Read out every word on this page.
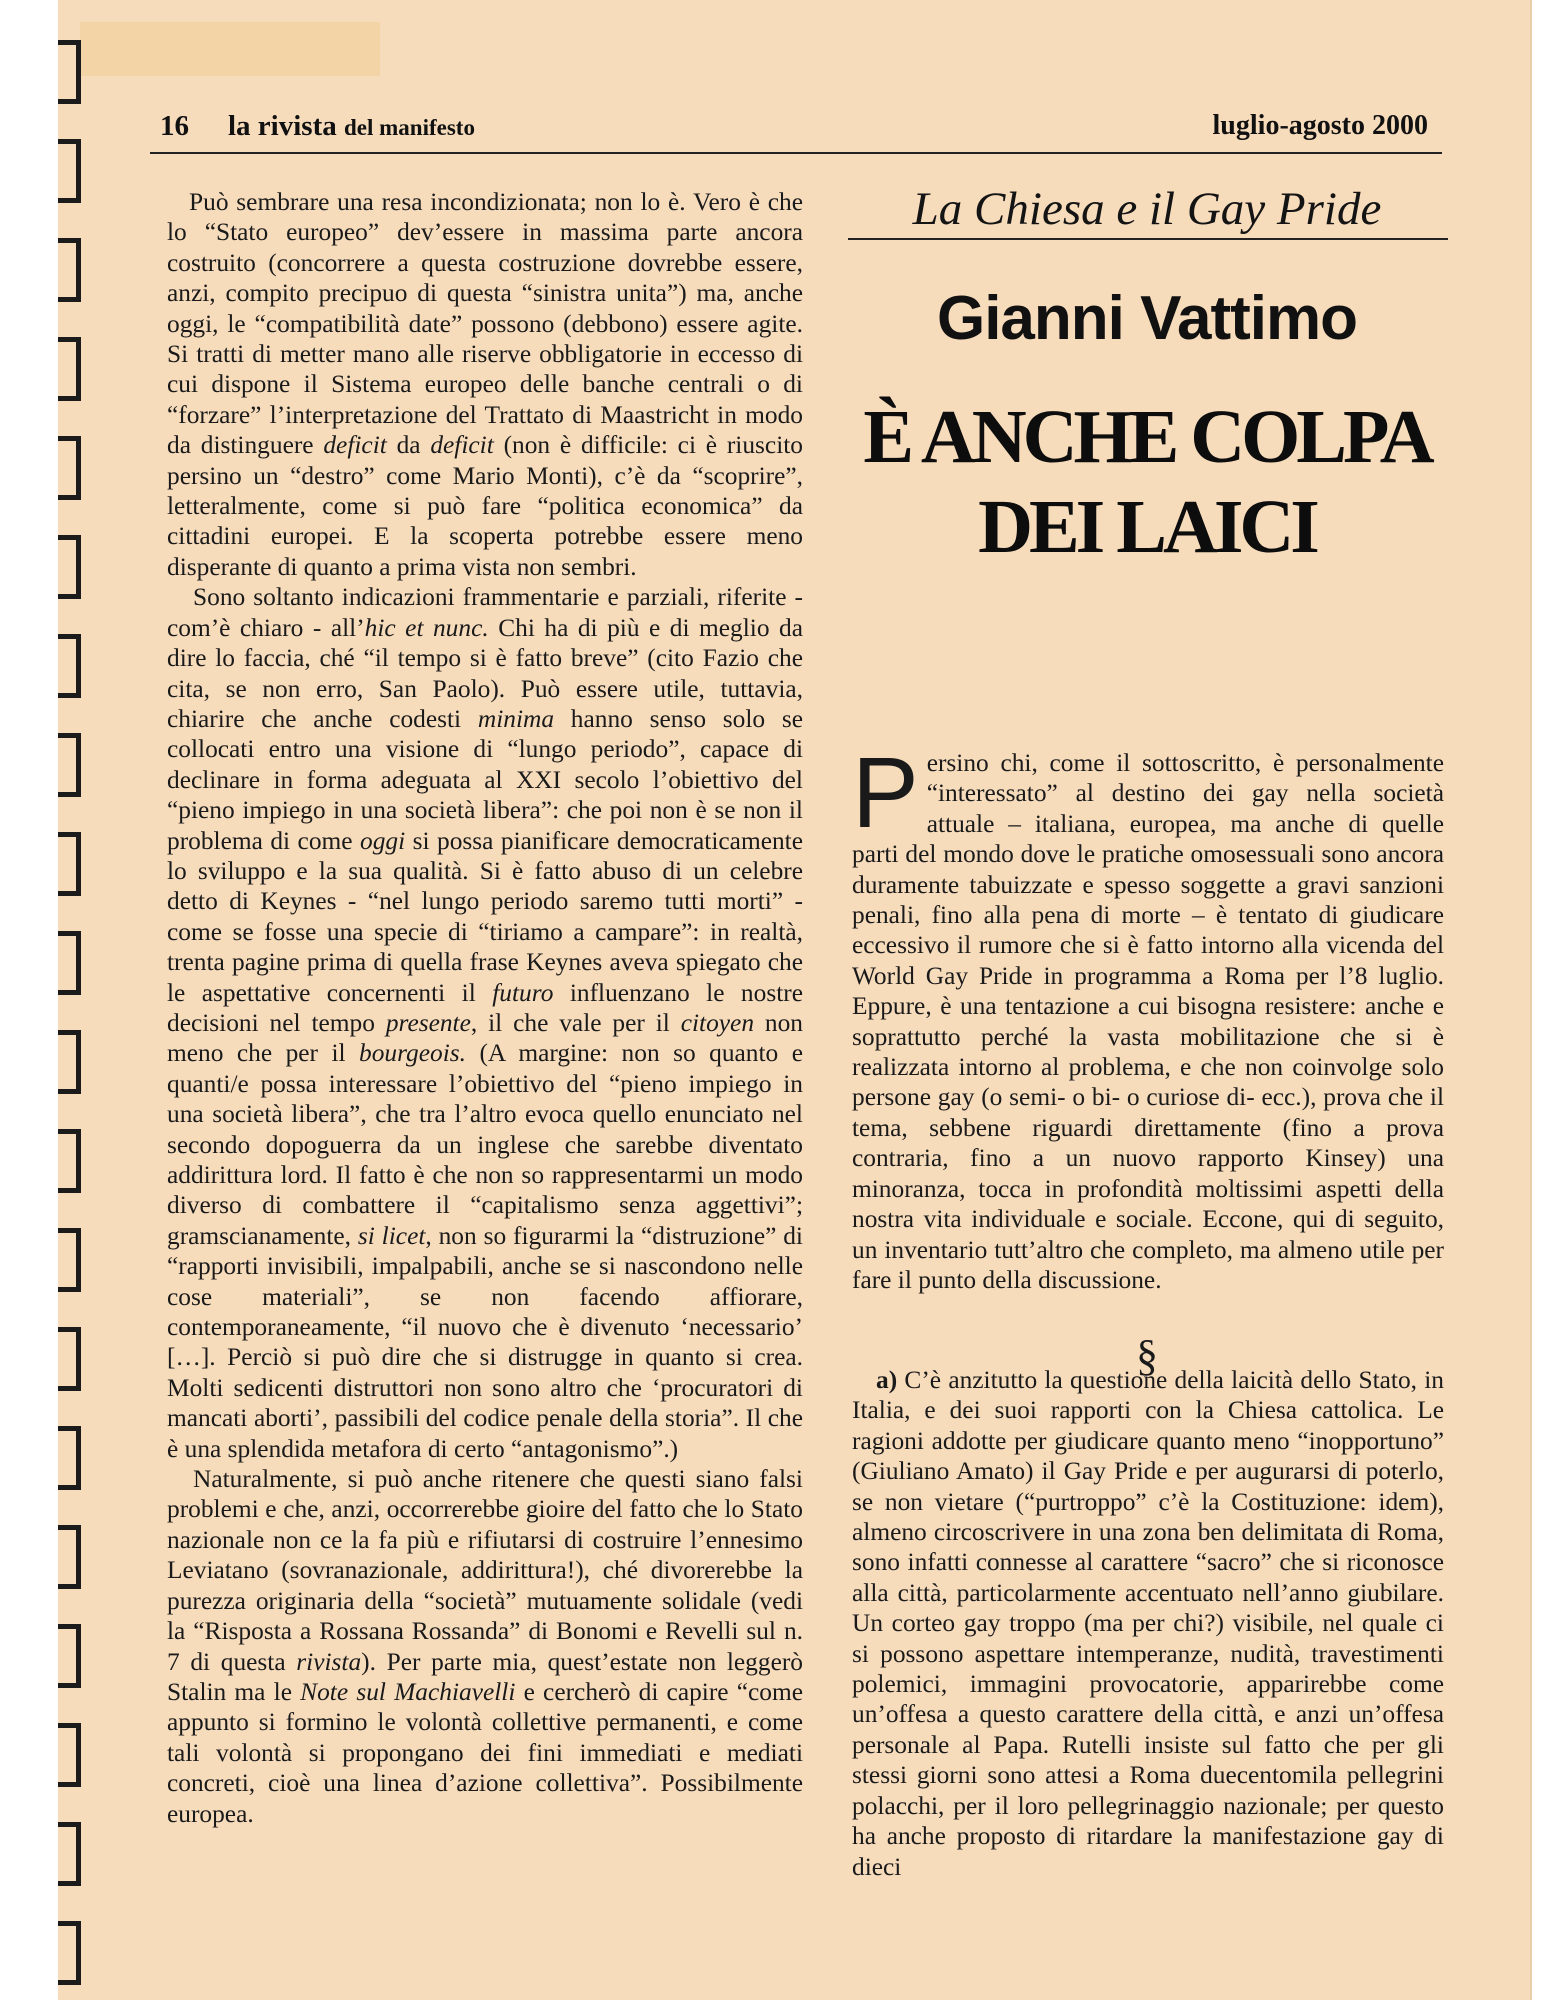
16 la rivista del manifesto	luglio-agosto 2000

Può sembrare una resa incondizionata; non lo è. Vero è che lo “Stato europeo” dev’essere in massima parte ancora costruito (concorrere a questa costruzione dovrebbe essere, anzi, compito precipuo di questa “sinistra unita”) ma, anche oggi, le “compatibilità date” possono (debbono) essere agite. Si tratti di metter mano alle riserve obbligatorie in eccesso di cui dispone il Sistema europeo delle banche centrali o di “forzare” l’interpretazione del Trattato di Maastricht in modo da distinguere deficit da deficit (non è difficile: ci è riuscito persino un “destro” come Mario Monti), c’è da “scoprire”, letteralmente, come si può fare “politica economica” da cittadini europei. E la scoperta potrebbe essere meno disperante di quanto a prima vista non sembri.

Sono soltanto indicazioni frammentarie e parziali, riferite - com’è chiaro - all’hic et nunc. Chi ha di più e di meglio da dire lo faccia, ché “il tempo si è fatto breve” (cito Fazio che cita, se non erro, San Paolo). Può essere utile, tuttavia, chiarire che anche codesti minima hanno senso solo se collocati entro una visione di “lungo periodo”, capace di declinare in forma adeguata al XXI secolo l’obiettivo del “pieno impiego in una società libera”: che poi non è se non il problema di come oggi si possa pianificare democraticamente lo sviluppo e la sua qualità. Si è fatto abuso di un celebre detto di Keynes - “nel lungo periodo saremo tutti morti” - come se fosse una specie di “tiriamo a campare”: in realtà, trenta pagine prima di quella frase Keynes aveva spiegato che le aspettative concernenti il futuro influenzano le nostre decisioni nel tempo presente, il che vale per il citoyen non meno che per il bourgeois. (A margine: non so quanto e quanti/e possa interessare l’obiettivo del “pieno impiego in una società libera”, che tra l’altro evoca quello enunciato nel secondo dopoguerra da un inglese che sarebbe diventato addirittura lord. Il fatto è che non so rappresentarmi un modo diverso di combattere il “capitalismo senza aggettivi”; gramscianamente, si licet, non so figurarmi la “distruzione” di “rapporti invisibili, impalpabili, anche se si nascondono nelle cose materiali”, se non facendo affiorare, contemporaneamente, “il nuovo che è divenuto ‘necessario’ […]. Perciò si può dire che si distrugge in quanto si crea. Molti sedicenti distruttori non sono altro che ‘procuratori di mancati aborti’, passibili del codice penale della storia”. Il che è una splendida metafora di certo “antagonismo”.)

Naturalmente, si può anche ritenere che questi siano falsi problemi e che, anzi, occorrerebbe gioire del fatto che lo Stato nazionale non ce la fa più e rifiutarsi di costruire l’ennesimo Leviatano (sovranazionale, addirittura!), ché divorerebbe la purezza originaria della “società” mutuamente solidale (vedi la “Risposta a Rossana Rossanda” di Bonomi e Revelli sul n. 7 di questa rivista). Per parte mia, quest’estate non leggerò Stalin ma le Note sul Machiavelli e cercherò di capire “come appunto si formino le volontà collettive permanenti, e come tali volontà si propongano dei fini immediati e mediati concreti, cioè una linea d’azione collettiva”. Possibilmente europea.

La Chiesa e il Gay Pride
Gianni Vattimo
È ANCHE COLPA
DEI LAICI

Persino chi, come il sottoscritto, è personalmente “interessato” al destino dei gay nella società attuale – italiana, europea, ma anche di quelle parti del mondo dove le pratiche omosessuali sono ancora duramente tabuizzate e spesso soggette a gravi sanzioni penali, fino alla pena di morte – è tentato di giudicare eccessivo il rumore che si è fatto intorno alla vicenda del World Gay Pride in programma a Roma per l’8 luglio. Eppure, è una tentazione a cui bisogna resistere: anche e soprattutto perché la vasta mobilitazione che si è realizzata intorno al problema, e che non coinvolge solo persone gay (o semi- o bi- o curiose di- ecc.), prova che il tema, sebbene riguardi direttamente (fino a prova contraria, fino a un nuovo rapporto Kinsey) una minoranza, tocca in profondità moltissimi aspetti della nostra vita individuale e sociale. Eccone, qui di seguito, un inventario tutt’altro che completo, ma almeno utile per fare il punto della discussione.

§

a) C’è anzitutto la questione della laicità dello Stato, in Italia, e dei suoi rapporti con la Chiesa cattolica. Le ragioni addotte per giudicare quanto meno “inopportuno” (Giuliano Amato) il Gay Pride e per augurarsi di poterlo, se non vietare (“purtroppo” c’è la Costituzione: idem), almeno circoscrivere in una zona ben delimitata di Roma, sono infatti connesse al carattere “sacro” che si riconosce alla città, particolarmente accentuato nell’anno giubilare. Un corteo gay troppo (ma per chi?) visibile, nel quale ci si possono aspettare intemperanze, nudità, travestimenti polemici, immagini provocatorie, apparirebbe come un’offesa a questo carattere della città, e anzi un’offesa personale al Papa. Rutelli insiste sul fatto che per gli stessi giorni sono attesi a Roma duecentomila pellegrini polacchi, per il loro pellegrinaggio nazionale; per questo ha anche proposto di ritardare la manifestazione gay di dieci
